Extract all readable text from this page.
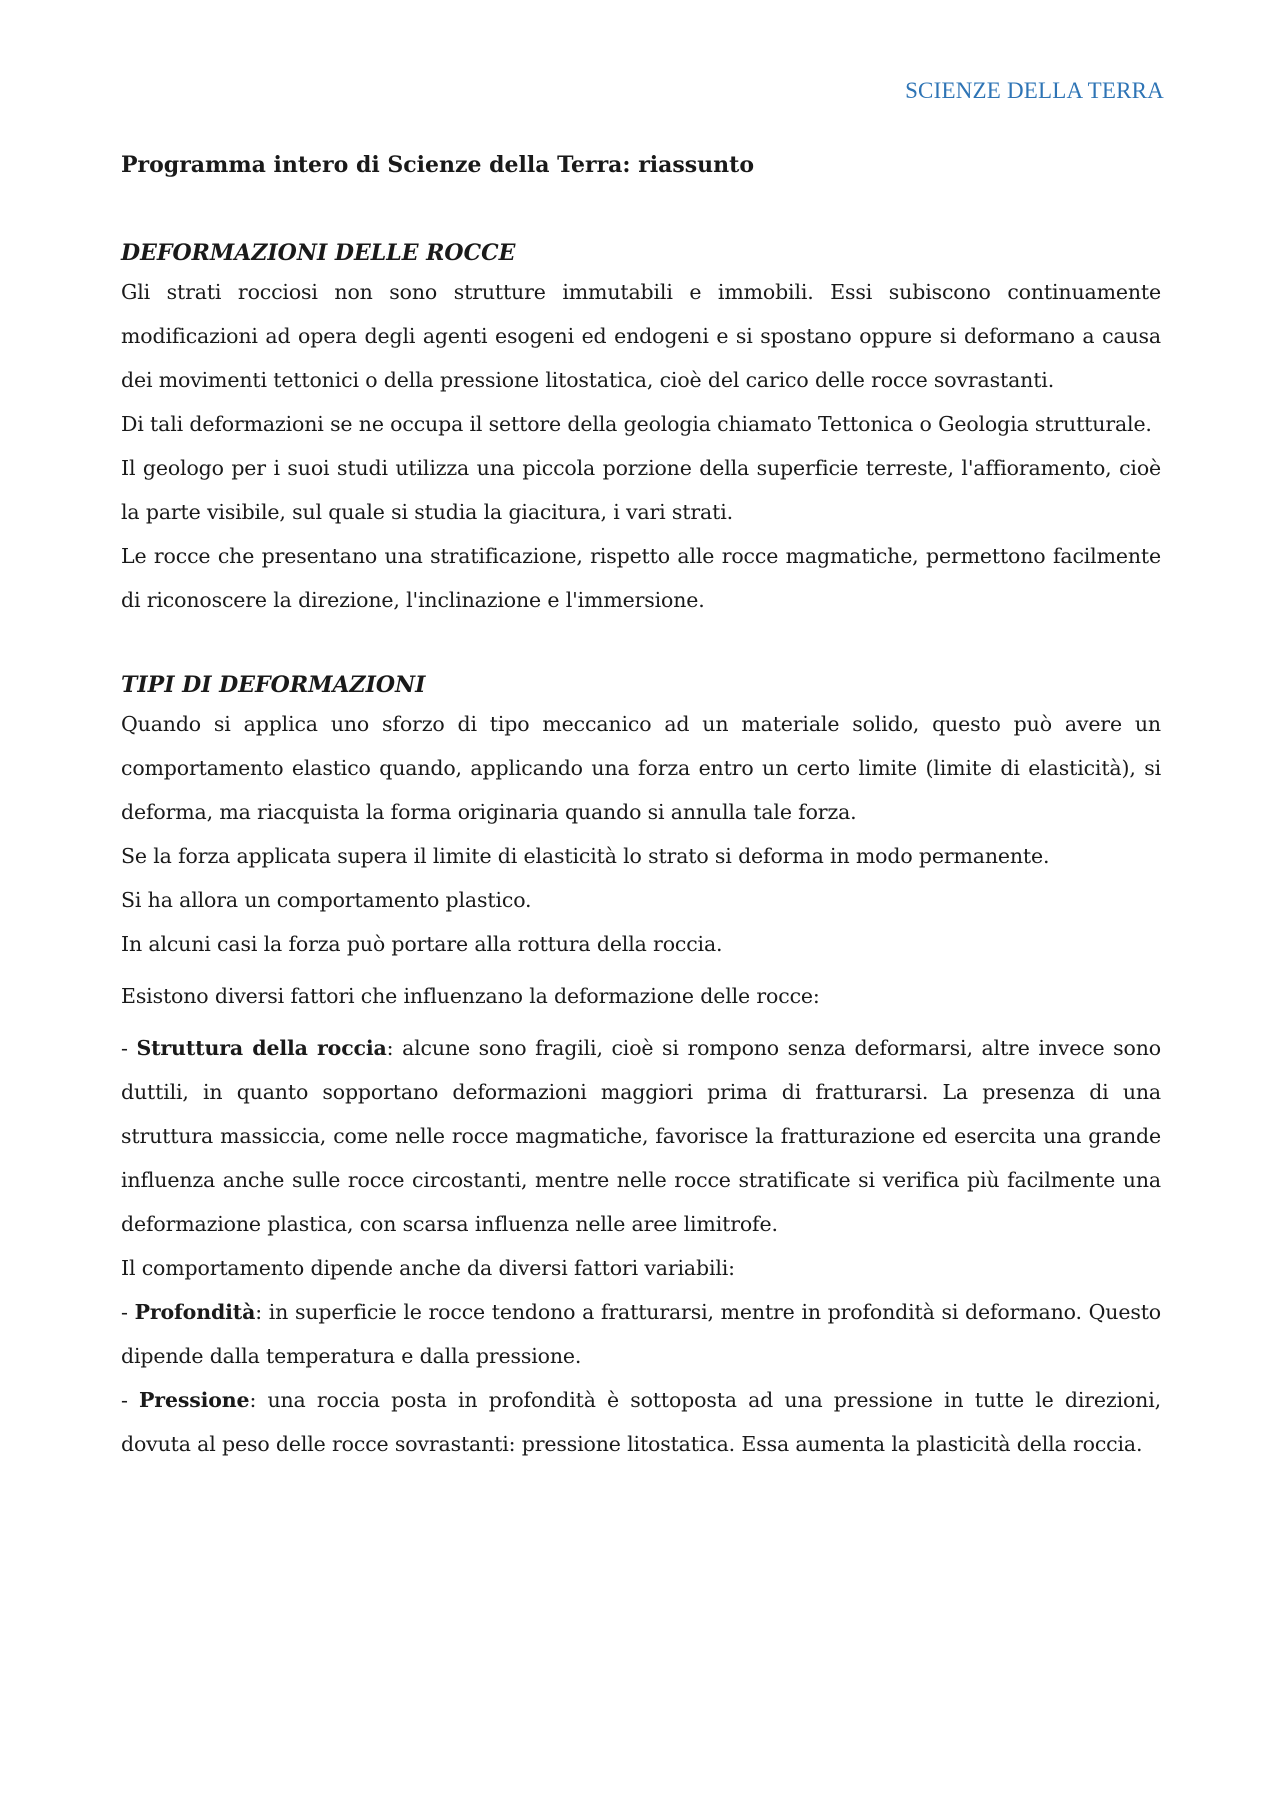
SCIENZE DELLA TERRA
Programma intero di Scienze della Terra: riassunto
DEFORMAZIONI DELLE ROCCE

Gli strati rocciosi non sono strutture immutabili e immobili. Essi subiscono continuamente modificazioni ad opera degli agenti esogeni ed endogeni e si spostano oppure si deformano a causa dei movimenti tettonici o della pressione litostatica, cioè del carico delle rocce sovrastanti.

Di tali deformazioni se ne occupa il settore della geologia chiamato Tettonica o Geologia strutturale.

Il geologo per i suoi studi utilizza una piccola porzione della superficie terreste, l'affioramento, cioè la parte visibile, sul quale si studia la giacitura, i vari strati.

Le rocce che presentano una stratificazione, rispetto alle rocce magmatiche, permettono facilmente di riconoscere la direzione, l'inclinazione e l'immersione.

TIPI DI DEFORMAZIONI

Quando si applica uno sforzo di tipo meccanico ad un materiale solido, questo può avere un comportamento elastico quando, applicando una forza entro un certo limite (limite di elasticità), si deforma, ma riacquista la forma originaria quando si annulla tale forza.

Se la forza applicata supera il limite di elasticità lo strato si deforma in modo permanente.

Si ha allora un comportamento plastico.

In alcuni casi la forza può portare alla rottura della roccia.

Esistono diversi fattori che influenzano la deformazione delle rocce:

- Struttura della roccia: alcune sono fragili, cioè si rompono senza deformarsi, altre invece sono duttili, in quanto sopportano deformazioni maggiori prima di fratturarsi. La presenza di una struttura massiccia, come nelle rocce magmatiche, favorisce la fratturazione ed esercita una grande influenza anche sulle rocce circostanti, mentre nelle rocce stratificate si verifica più facilmente una deformazione plastica, con scarsa influenza nelle aree limitrofe.

Il comportamento dipende anche da diversi fattori variabili:

- Profondità: in superficie le rocce tendono a fratturarsi, mentre in profondità si deformano. Questo dipende dalla temperatura e dalla pressione.

- Pressione: una roccia posta in profondità è sottoposta ad una pressione in tutte le direzioni, dovuta al peso delle rocce sovrastanti: pressione litostatica. Essa aumenta la plasticità della roccia.
